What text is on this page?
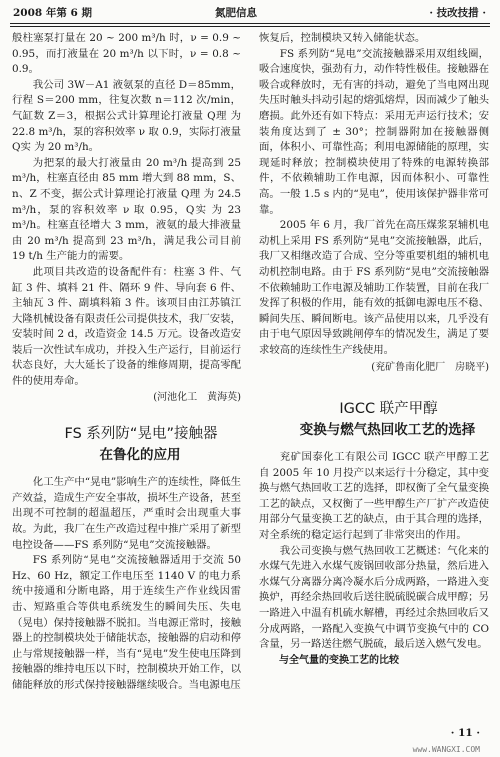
2008 年第 6 期	氮肥信息	· 技改技措 ·

般柱塞泵打量在 20 ~ 200 m³/h 时，ν = 0.9 ~ 0.95，而打液量在 20 m³/h 以下时，ν = 0.8 ~ 0.9。

我公司 3W－A1 液氨泵的直径 D＝85mm，行程 S＝200 mm，往复次数 n＝112 次/min，气缸数 Z＝3，根据公式计算理论打液量 Q理 为 22.8 m³/h，泵的容积效率 ν 取 0.9，实际打液量 Q实 为 20 m³/h。

为把泵的最大打液量由 20 m³/h 提高到 25 m³/h，柱塞直径由 85 mm 增大到 88 mm，S、n、Z 不变，据公式计算理论打液量 Q理 为 24.5 m³/h，泵的容积效率 ν 取 0.95，Q实 为 23 m³/h。柱塞直径增大 3 mm，液氨的最大排液量由 20 m³/h 提高到 23 m³/h，满足我公司目前 19 t/h 生产能力的需要。

此项目共改造的设备配件有：柱塞 3 件、气缸 3 件、填料 21 件、隔环 9 件、导向套 6 件、主轴瓦 3 件、副填料箱 3 件。该项目由江苏镇江大隆机械设备有限责任公司提供技术，我厂安装，安装时间 2 d，改造资金 14.5 万元。设备改造安装后一次性试车成功，并投入生产运行，目前运行状态良好，大大延长了设备的维修周期，提高零配件的使用寿命。

(河池化工　黄海英)

FS 系列防“晃电”接触器

在鲁化的应用

化工生产中“晃电”影响生产的连续性，降低生产效益，造成生产安全事故，损坏生产设备，甚至出现不可控制的超温超压，严重时会出现重大事故。为此，我厂在生产改造过程中推广采用了新型电控设备——FS 系列防“晃电”交流接触器。

FS 系列防“晃电”交流接触器适用于交流 50 Hz、60 Hz，额定工作电压至 1140 V 的电力系统中接通和分断电路，用于连续生产作业线因雷击、短路重合等供电系统发生的瞬间失压、失电（晃电）保持接触器不脱扣。当电源正常时，接触器上的控制模块处于储能状态，接触器的启动和停止与常规接触器一样，当有“晃电”发生使电压降到接触器的维持电压以下时，控制模块开始工作，以储能释放的形式保持接触器继续吸合。当电源电压

恢复后，控制模块又转入储能状态。

FS 系列防“晃电”交流接触器采用双组线圈，吸合速度快，强劲有力，动作特性极佳。接触器在吸合或释放时，无有害的抖动，避免了当电网出现失压时触头抖动引起的熔弧熔焊，因而减少了触头磨损。此外还有如下特点：采用无声运行技术；安装角度达到了 ± 30°；控制器附加在接触器侧面，体积小、可靠性高；利用电源储能的原理，实现延时释放；控制模块使用了特殊的电源转换部件，不依赖辅助工作电源，因而体积小、可靠性高。一般 1.5 s 内的“晃电”，使用该保护器非常可靠。

2005 年 6 月，我厂首先在高压煤浆泵辅机电动机上采用 FS 系列防“晃电”交流接触器，此后，我厂又相继改造了合成、空分等重要机组的辅机电动机控制电路。由于 FS 系列防“晃电”交流接触器不依赖辅助工作电源及辅助工作装置，目前在我厂发挥了积极的作用，能有效的抵御电源电压不稳、瞬间失压、瞬间断电。该产品使用以来，几乎没有由于电气原因导致跳闸停车的情况发生，满足了要求较高的连续性生产线使用。

(兖矿鲁南化肥厂　房晓平)

IGCC 联产甲醇

变换与燃气热回收工艺的选择

兖矿国泰化工有限公司 IGCC 联产甲醇工艺自 2005 年 10 月投产以来运行十分稳定，其中变换与燃气热回收工艺的选择，即权衡了全气量变换工艺的缺点，又权衡了一些甲醇生产厂扩产改造使用部分气量变换工艺的缺点，由于其合理的选择，对全系统的稳定运行起到了非常突出的作用。

我公司变换与燃气热回收工艺概述：气化来的水煤气先进入水煤气废锅回收部分热量，然后进入水煤气分离器分离冷凝水后分成两路，一路进入变换炉，再经余热回收后送往脱硫脱碳合成甲醇；另一路进入中温有机硫水解槽，再经过余热回收后又分成两路，一路配入变换气中调节变换气中的 CO 含量，另一路送往燃气脱硫，最后送入燃气发电。

与全气量的变换工艺的比较

· 11 ·
www.WANGXI.COM
